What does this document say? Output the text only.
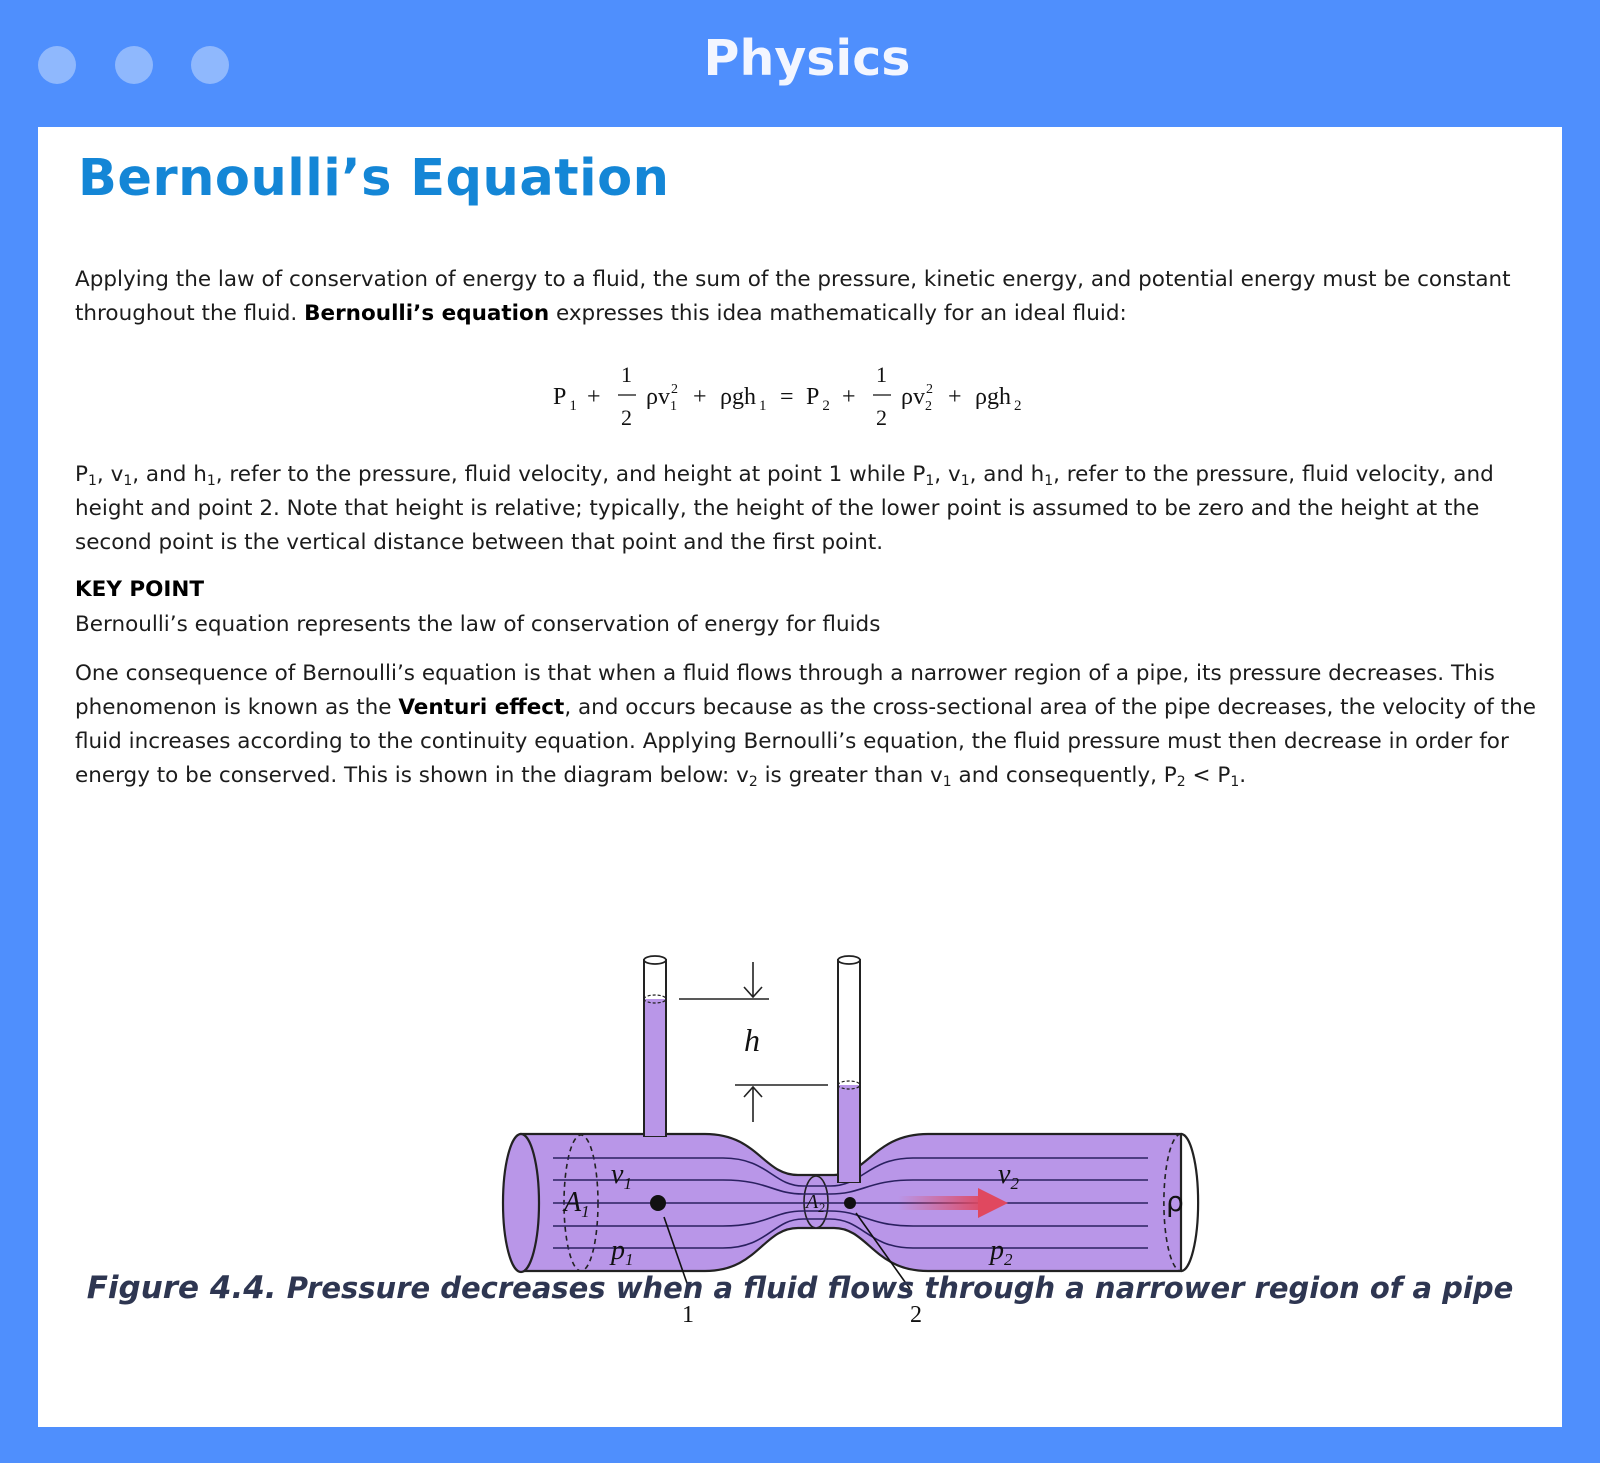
Physics
Bernoulli’s Equation

Applying the law of conservation of energy to a fluid, the sum of the pressure, kinetic energy, and potential energy must be constant throughout the fluid. Bernoulli’s equation expresses this idea mathematically for an ideal fluid:

P $_1$ +
1
2
$\rho v^2$ 1 + ρgh $_1$ = P $_2$ +
1
2
$\rho v^2$ 2 + ρgh $_2$

$P_1$, $v_1$, and $h_1$, refer to the pressure, fluid velocity, and height at point 1 while $P_1$, $v_1$, and $h_1$, refer to the pressure, fluid velocity, and height and point 2. Note that height is relative; typically, the height of the lower point is assumed to be zero and the height at the second point is the vertical distance between that point and the first point.

KEY POINT

Bernoulli’s equation represents the law of conservation of energy for fluids

One consequence of Bernoulli’s equation is that when a fluid flows through a narrower region of a pipe, its pressure decreases. This phenomenon is known as the Venturi effect, and occurs because as the cross-sectional area of the pipe decreases, the velocity of the fluid increases according to the continuity equation. Applying Bernoulli’s equation, the fluid pressure must then decrease in order for energy to be conserved. This is shown in the diagram below: $v_2$ is greater than $v_1$ and consequently, $P_2 < P_1$.

h
1	2
$v_1$
$A_1$
$p_1$
$A_2$
$v_2$
$p_2$
ρ

Figure 4.4. Pressure decreases when a fluid flows through a narrower region of a pipe
